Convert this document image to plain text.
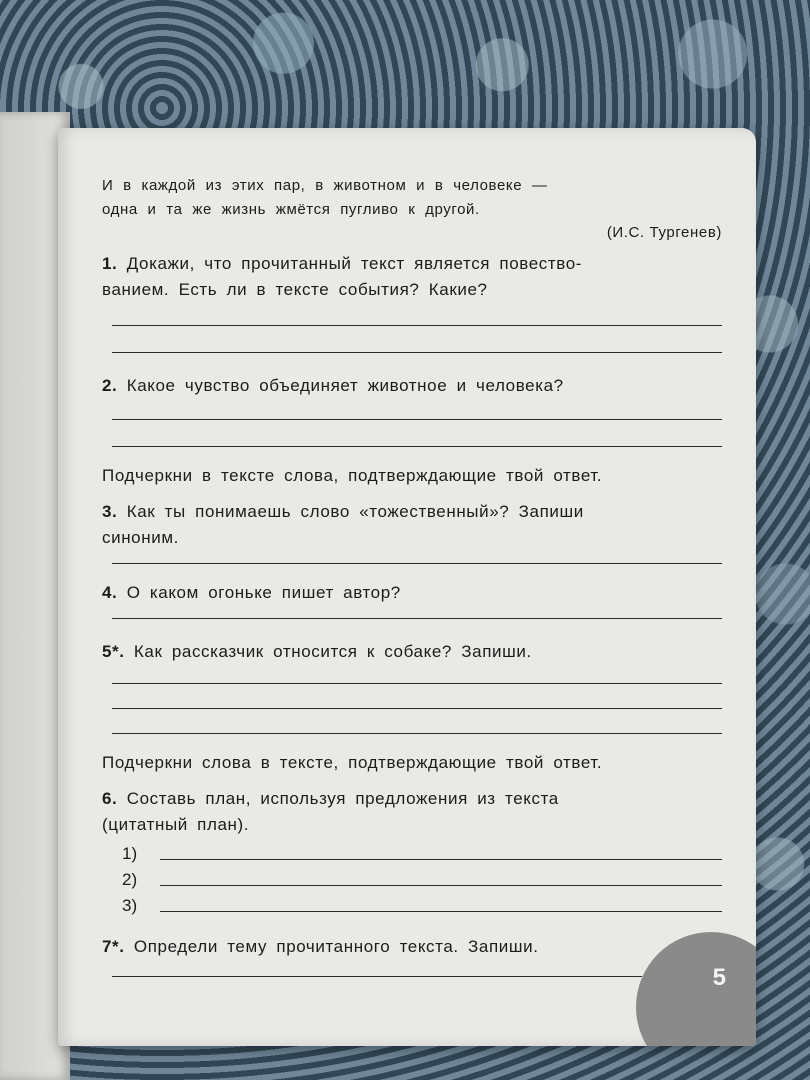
И в каждой из этих пар, в животном и в человеке —
одна и та же жизнь жмётся пугливо к другой.
(И.С. Тургенев)
1. Докажи, что прочитанный текст является повество-
ванием. Есть ли в тексте события? Какие?
2. Какое чувство объединяет животное и человека?
Подчеркни в тексте слова, подтверждающие твой ответ.
3. Как ты понимаешь слово «тожественный»? Запиши
синоним.
4. О каком огоньке пишет автор?
5*. Как рассказчик относится к собаке? Запиши.
Подчеркни слова в тексте, подтверждающие твой ответ.
6. Составь план, используя предложения из текста
(цитатный план).
1)
2)
3)
7*. Определи тему прочитанного текста. Запиши.
5
